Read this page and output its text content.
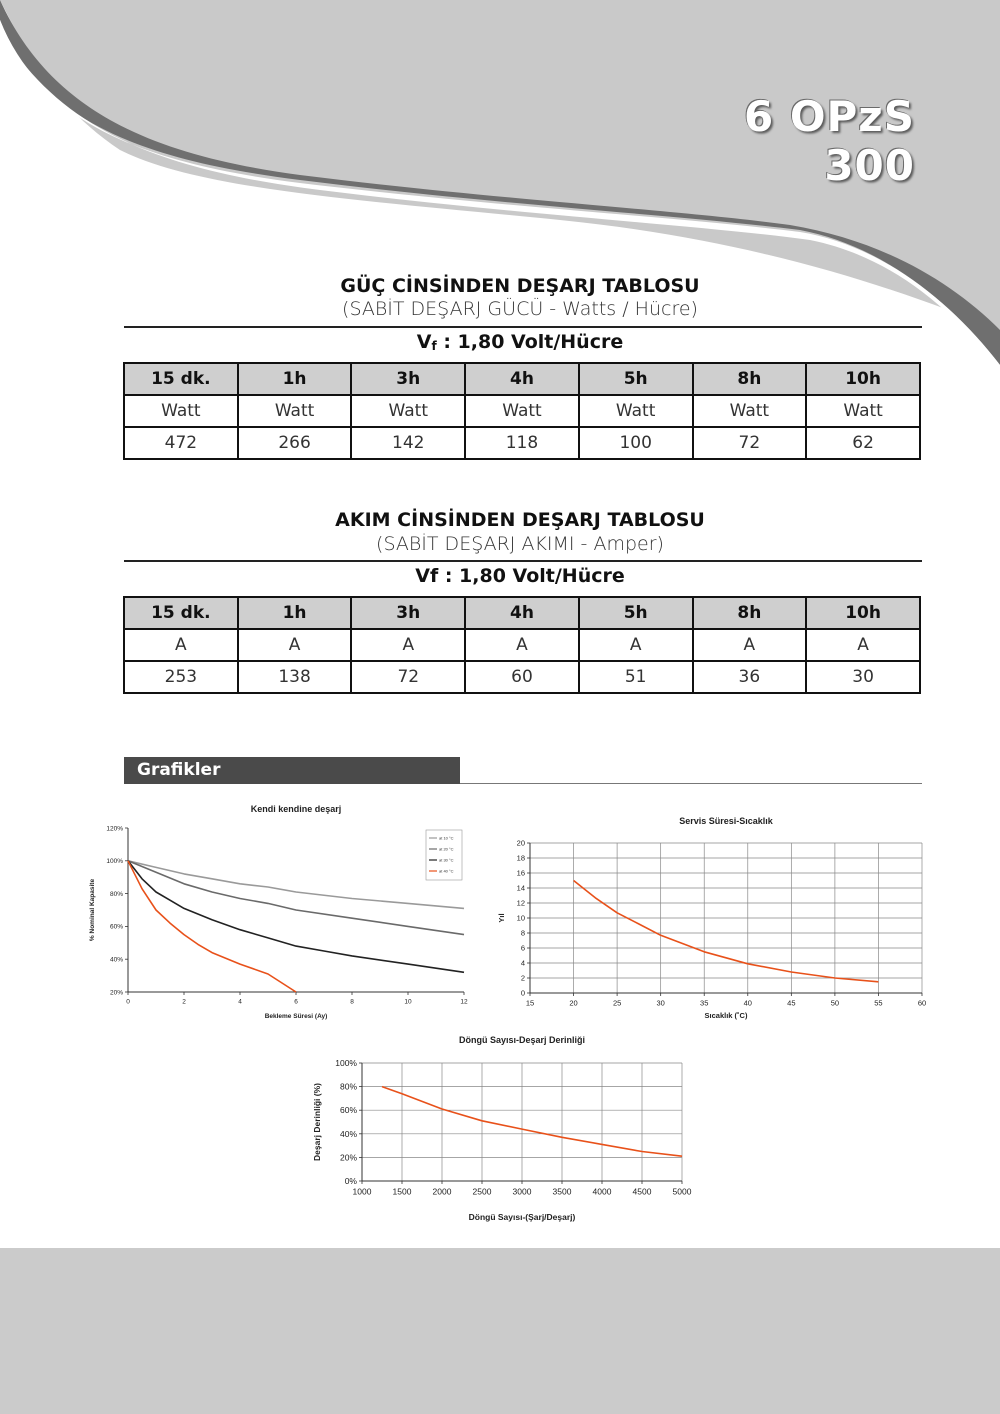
6 OPzS 300
GÜÇ CİNSİNDEN DEŞARJ TABLOSU
(SABİT DEŞARJ GÜCÜ - Watts / Hücre)
$V_f$ : 1,80 Volt/Hücre
15 dk.	1h	3h	4h	5h	8h	10h
Watt	Watt	Watt	Watt	Watt	Watt	Watt
472	266	142	118	100	72	62
AKIM CİNSİNDEN DEŞARJ TABLOSU
(SABİT DEŞARJ AKIMI - Amper)
Vf : 1,80 Volt/Hücre
15 dk.	1h	3h	4h	5h	8h	10h
A	A	A	A	A	A	A
253	138	72	60	51	36	30
Grafikler
Kendi kendine deşarj
0	2	4	6	8	10	12
20%
40%
60%
80%
100%
120%
Bekleme Süresi (Ay)
% Nominal Kapasite
at 10 °C
at 20 °C
at 30 °C
at 40 °C
Servis Süresi-Sıcaklık
15	20	25	30	35	40	45	50	55	60
0
2
4
6
8
10
12
14
16
18
20
Sıcaklık (˚C)
Yıl
Döngü Sayısı-Deşarj Derinliği
1000 1500 2000 2500 3000 3500 4000 4500 5000
0%
20%
40%
60%
80%
100%
Döngü Sayısı-(Şarj/Deşarj)
Deşarj Derinliği (%)
